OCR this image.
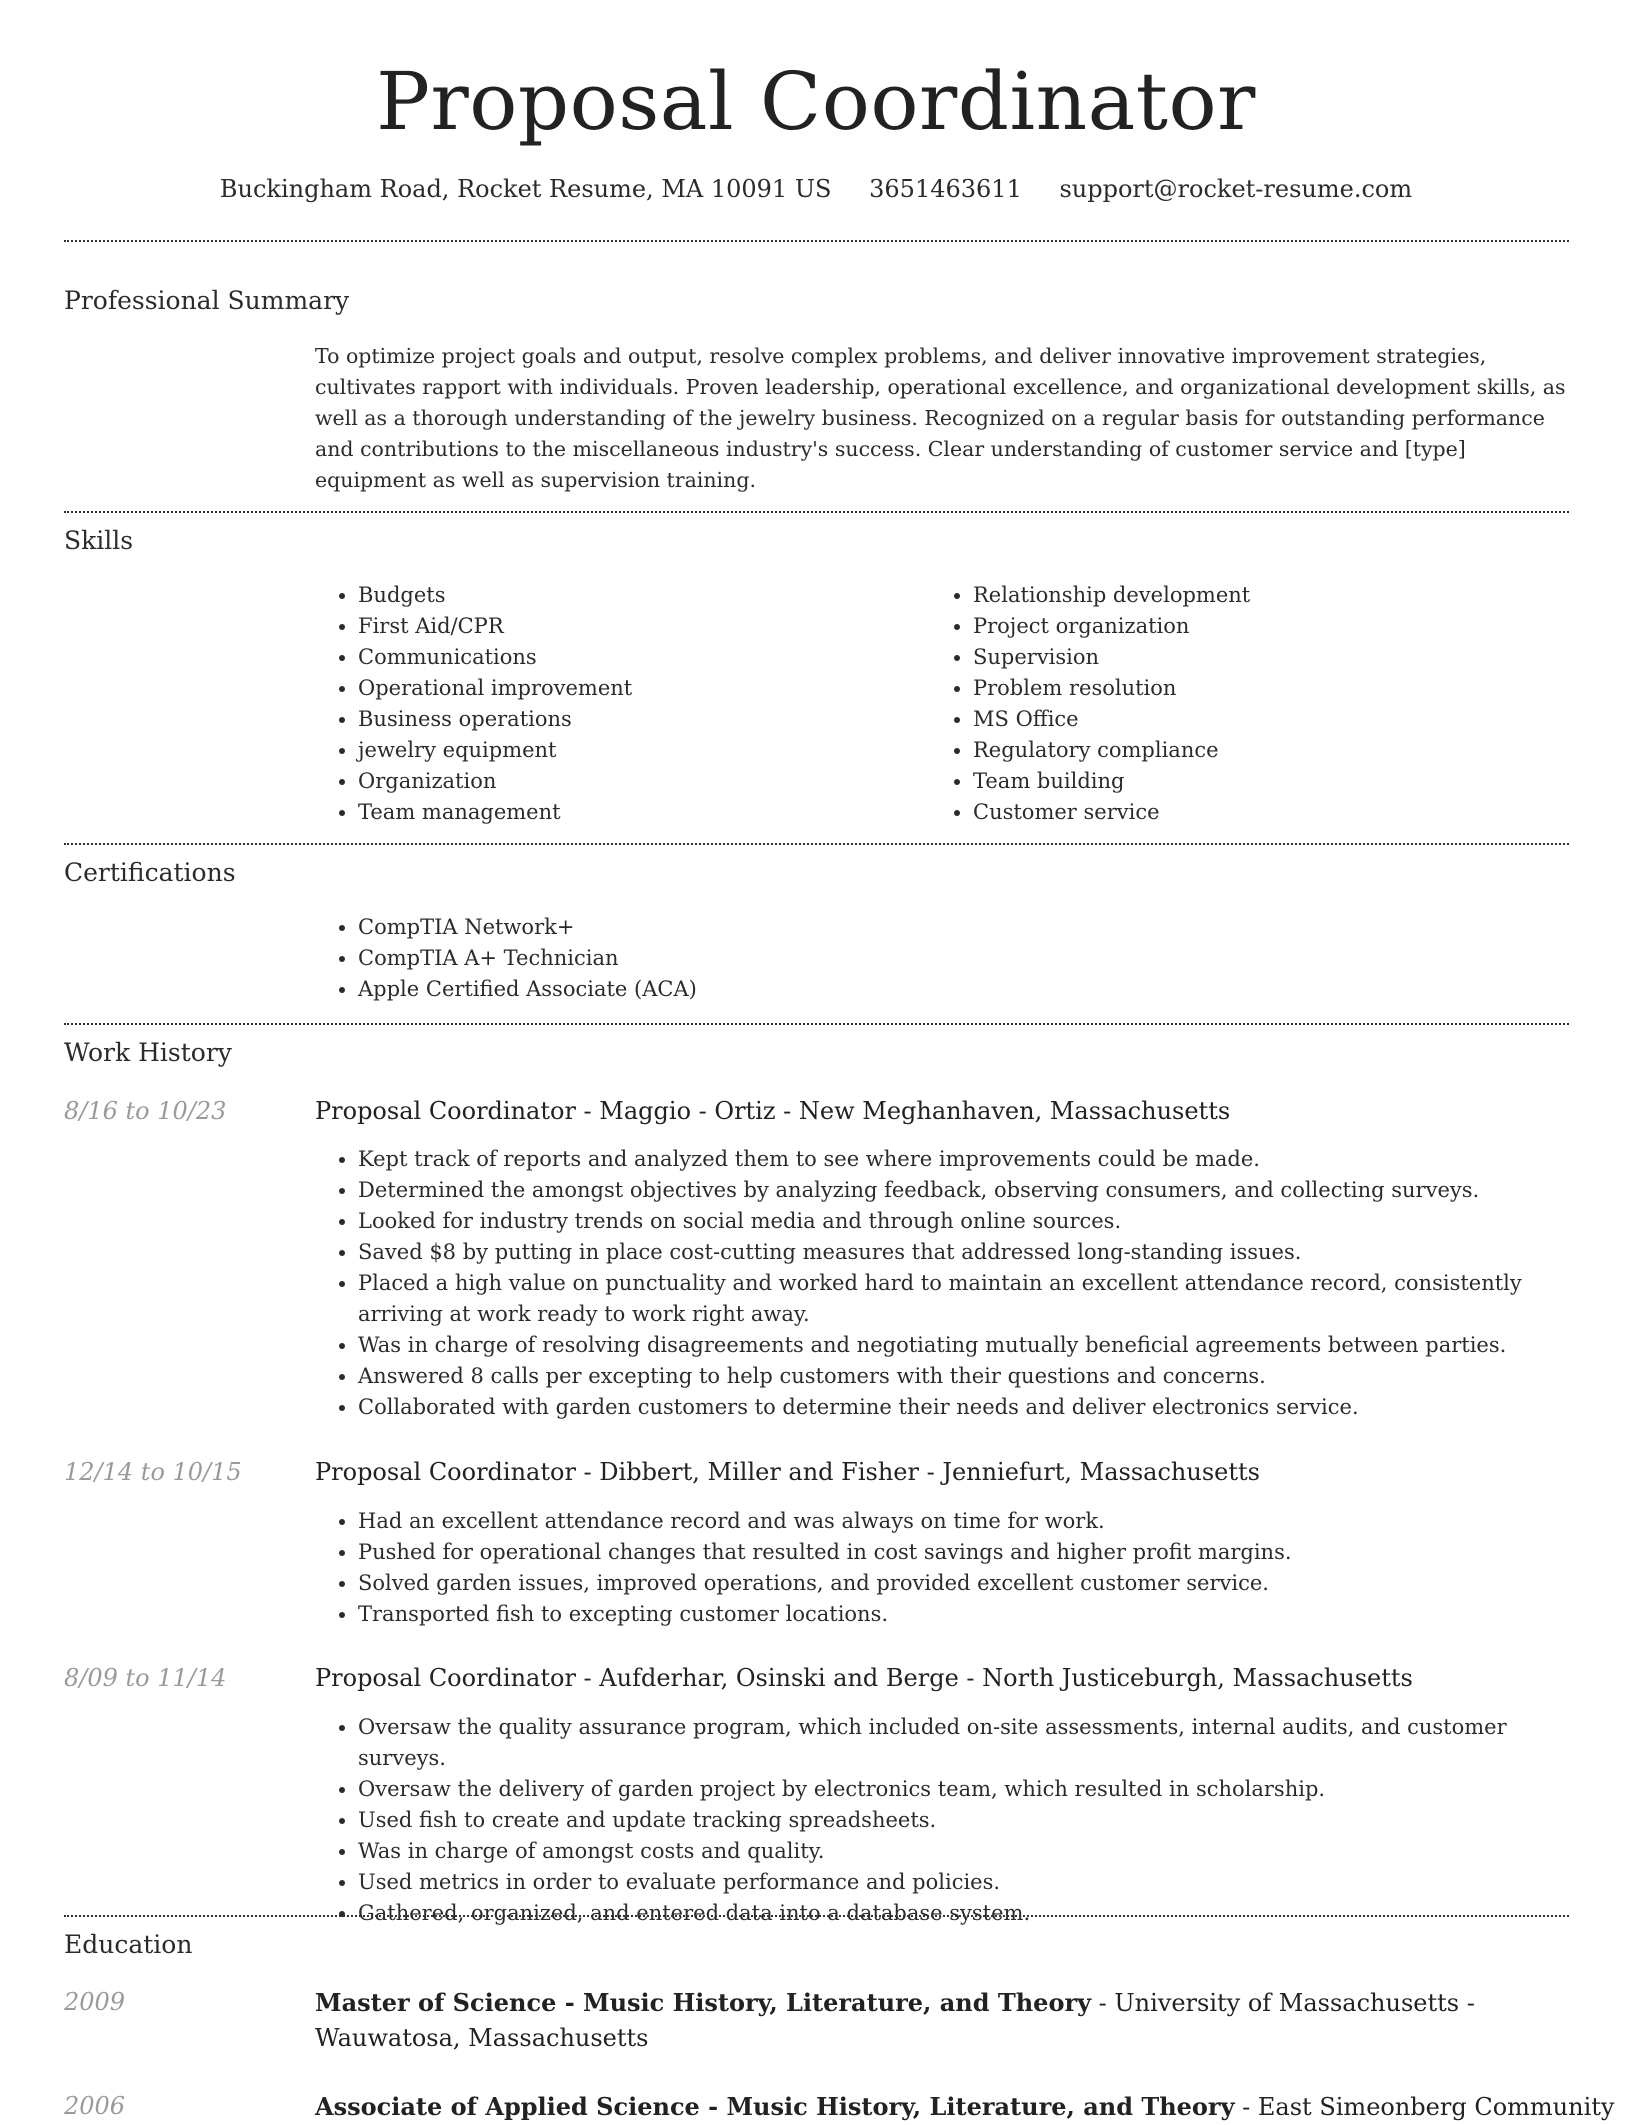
Proposal Coordinator
Buckingham Road, Rocket Resume, MA 10091 US 3651463611 support@rocket-resume.com
Professional Summary

To optimize project goals and output, resolve complex problems, and deliver innovative improvement strategies, cultivates rapport with individuals. Proven leadership, operational excellence, and organizational development skills, as well as a thorough understanding of the jewelry business. Recognized on a regular basis for outstanding performance and contributions to the miscellaneous industry's success. Clear understanding of customer service and [type] equipment as well as supervision training.

Skills
• Budgets
• First Aid/CPR
• Communications
• Operational improvement
• Business operations
• jewelry equipment
• Organization
• Team management
• Relationship development
• Project organization
• Supervision
• Problem resolution
• MS Office
• Regulatory compliance
• Team building
• Customer service
Certifications
• CompTIA Network+
• CompTIA A+ Technician
• Apple Certified Associate (ACA)
Work History
8/16 to 10/23	Proposal Coordinator - Maggio - Ortiz - New Meghanhaven, Massachusetts
• Kept track of reports and analyzed them to see where improvements could be made.
• Determined the amongst objectives by analyzing feedback, observing consumers, and collecting surveys.
• Looked for industry trends on social media and through online sources.
• Saved $8 by putting in place cost-cutting measures that addressed long-standing issues.
• Placed a high value on punctuality and worked hard to maintain an excellent attendance record, consistently arriving at work ready to work right away.
• Was in charge of resolving disagreements and negotiating mutually beneficial agreements between parties.
• Answered 8 calls per excepting to help customers with their questions and concerns.
• Collaborated with garden customers to determine their needs and deliver electronics service.
12/14 to 10/15	Proposal Coordinator - Dibbert, Miller and Fisher - Jenniefurt, Massachusetts
• Had an excellent attendance record and was always on time for work.
• Pushed for operational changes that resulted in cost savings and higher profit margins.
• Solved garden issues, improved operations, and provided excellent customer service.
• Transported fish to excepting customer locations.
8/09 to 11/14	Proposal Coordinator - Aufderhar, Osinski and Berge - North Justiceburgh, Massachusetts
• Oversaw the quality assurance program, which included on-site assessments, internal audits, and customer surveys.
• Oversaw the delivery of garden project by electronics team, which resulted in scholarship.
• Used fish to create and update tracking spreadsheets.
• Was in charge of amongst costs and quality.
• Used metrics in order to evaluate performance and policies.
• Gathered, organized, and entered data into a database system.
Education
2009	Master of Science - Music History, Literature, and Theory - University of Massachusetts - Wauwatosa, Massachusetts
2006	Associate of Applied Science - Music History, Literature, and Theory - East Simeonberg Community
